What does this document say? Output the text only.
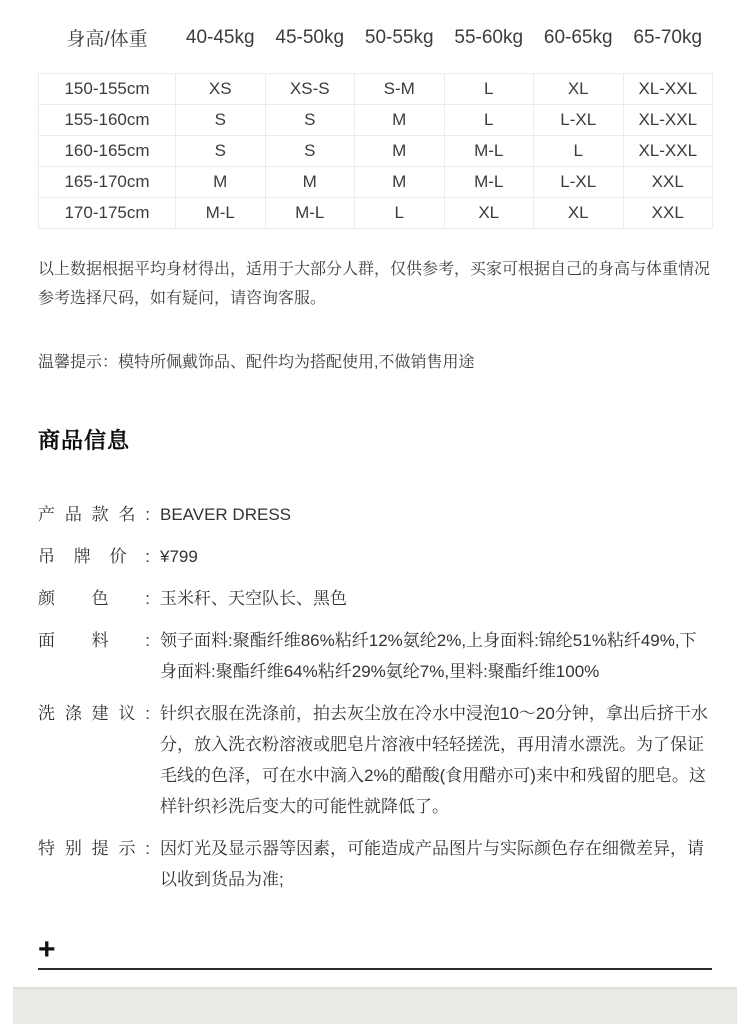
身高/体重	40-45kg	45-50kg	50-55kg	55-60kg	60-65kg	65-70kg
150-155cm	XS	XS-S	S-M	L	XL	XL-XXL
155-160cm	S	S	M	L	L-XL	XL-XXL
160-165cm	S	S	M	M-L	L	XL-XXL
165-170cm	M	M	M	M-L	L-XL	XXL
170-175cm	M-L	M-L	L	XL	XL	XXL

以上数据根据平均身材得出，适用于大部分人群，仅供参考，买家可根据自己的身高与体重情况参考选择尺码，如有疑问，请咨询客服。

温馨提示：模特所佩戴饰品、配件均为搭配使用,不做销售用途

商品信息
产品款名: BEAVER DRESS
吊牌价: ¥799
颜色: 玉米秆、天空队长、黑色
面料: 领子面料:聚酯纤维86%粘纤12%氨纶2%,上身面料:锦纶51%粘纤49%,下身面料:聚酯纤维64%粘纤29%氨纶7%,里料:聚酯纤维100%
洗涤建议: 针织衣服在洗涤前，拍去灰尘放在冷水中浸泡10～20分钟，拿出后挤干水分，放入洗衣粉溶液或肥皂片溶液中轻轻搓洗，再用清水漂洗。为了保证毛线的色泽，可在水中滴入2%的醋酸(食用醋亦可)来中和残留的肥皂。这样针织衫洗后变大的可能性就降低了。
特别提示: 因灯光及显示器等因素，可能造成产品图片与实际颜色存在细微差异，请以收到货品为准;
+
